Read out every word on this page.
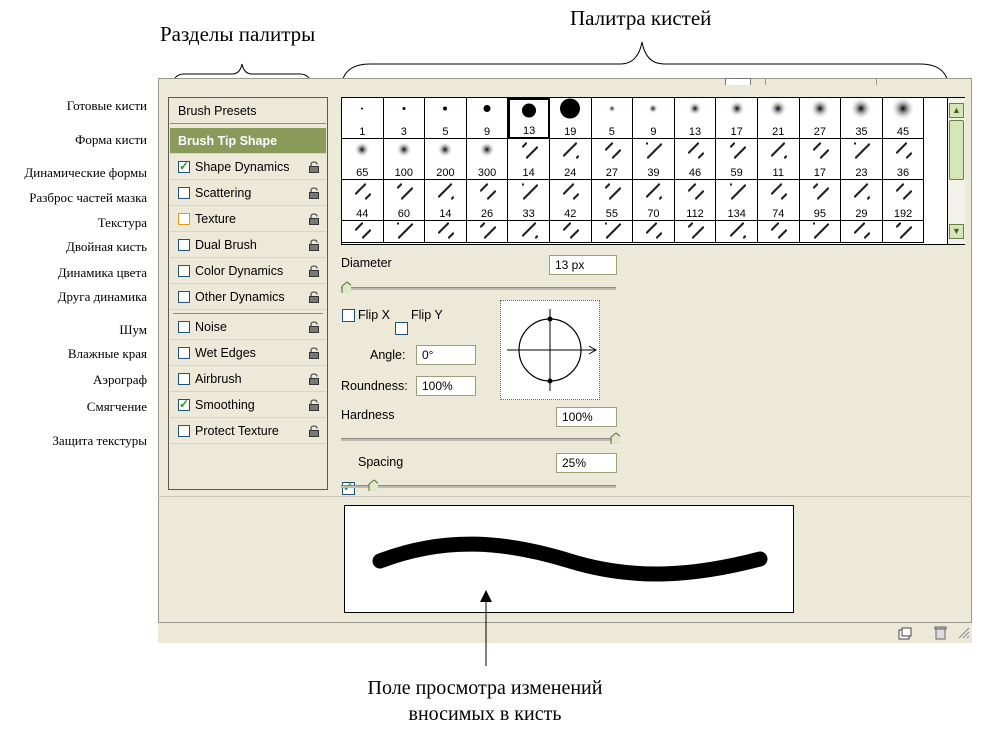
Разделы палитры
Палитра кистей
Готовые кисти
Форма кисти
Динамические формы
Разброс частей мазка
Текстура
Двойная кисть
Динамика цвета
Друга динамика
Шум
Влажные края
Аэрограф
Смягчение
Защита текстуры
Brush Presets
Brush Tip Shape
✓
Shape Dynamics
Scattering
Texture
Dual Brush
Color Dynamics
Other Dynamics
Noise
Wet Edges
Airbrush
✓
Smoothing
Protect Texture
1	3	5	9	13	19	5	9	13	17	21	27	35	45
65	100	200	300	14	24	27	39	46	59	11	17	23	36
44	60	14	26	33	42	55	70	112	134	74	95	29	192
▲
▼
Diameter	13 px
Flip X Flip Y
Angle:	0°
Roundness:	100%
Hardness	100%
✓
Spacing	25%
Поле просмотра изменений
вносимых в кисть
